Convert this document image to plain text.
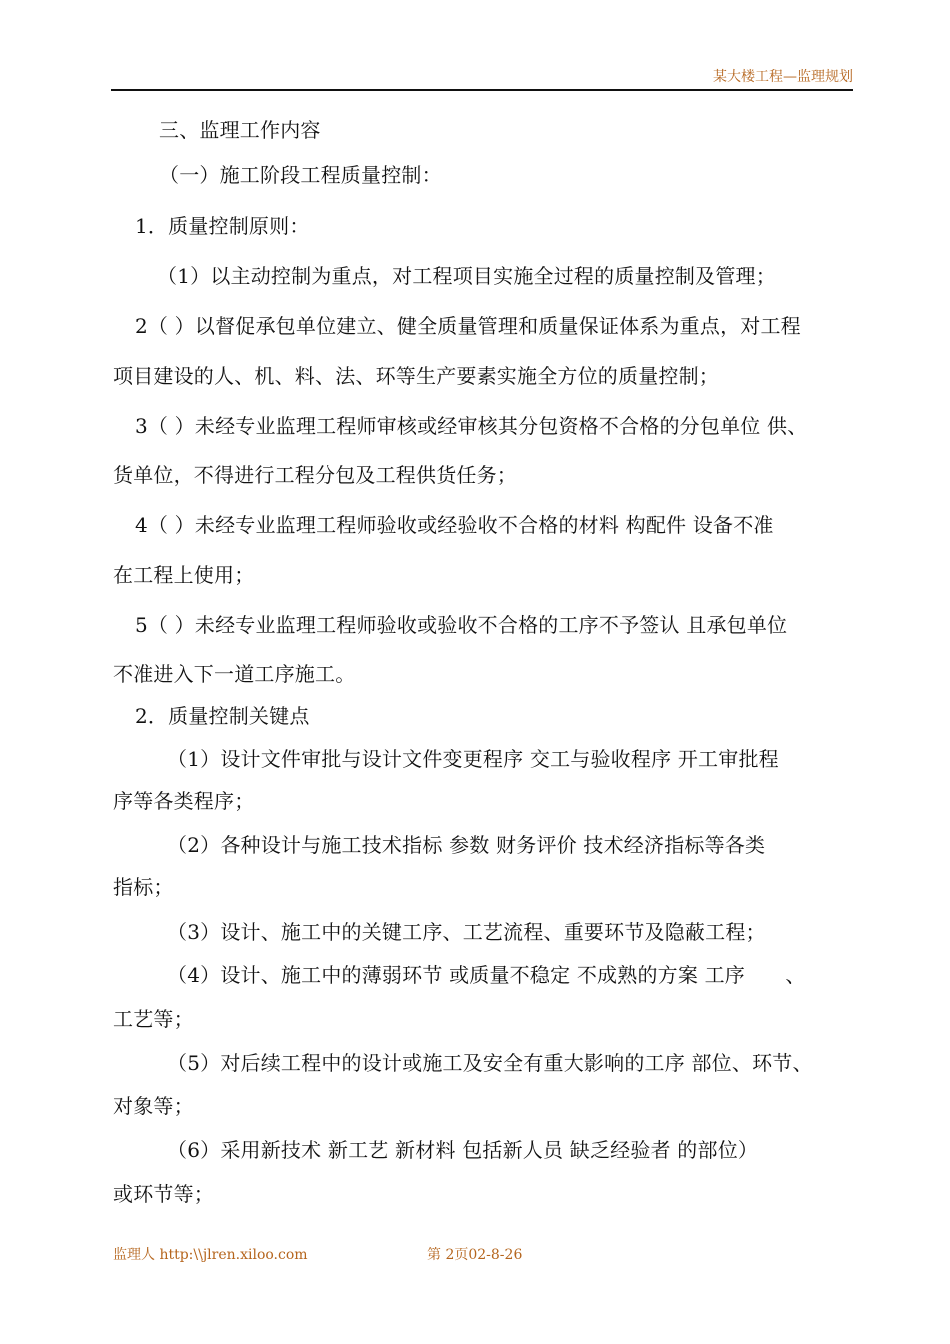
某大楼工程—监理规划
三、监理工作内容
（一）施工阶段工程质量控制：
1．质量控制原则：
（1）以主动控制为重点，对工程项目实施全过程的质量控制及管理；
2（ ）以督促承包单位建立、健全质量管理和质量保证体系为重点，对工程
项目建设的人、机、料、法、环等生产要素实施全方位的质量控制；
3（ ）未经专业监理工程师审核或经审核其分包资格不合格的分包单位 供、
货单位，不得进行工程分包及工程供货任务；
4（ ）未经专业监理工程师验收或经验收不合格的材料 构配件 设备不准
在工程上使用；
5（ ）未经专业监理工程师验收或验收不合格的工序不予签认 且承包单位
不准进入下一道工序施工。
2．质量控制关键点
（1）设计文件审批与设计文件变更程序 交工与验收程序 开工审批程
序等各类程序；
（2）各种设计与施工技术指标 参数 财务评价 技术经济指标等各类
指标；
（3）设计、施工中的关键工序、工艺流程、重要环节及隐蔽工程；
（4）设计、施工中的薄弱环节 或质量不稳定 不成熟的方案 工序　　、
工艺等；
（5）对后续工程中的设计或施工及安全有重大影响的工序 部位、环节、
对象等；
（6）采用新技术 新工艺 新材料 包括新人员 缺乏经验者 的部位）
或环节等；
监理人 http:\\jlren.xiloo.com	第 2页02-8-26
